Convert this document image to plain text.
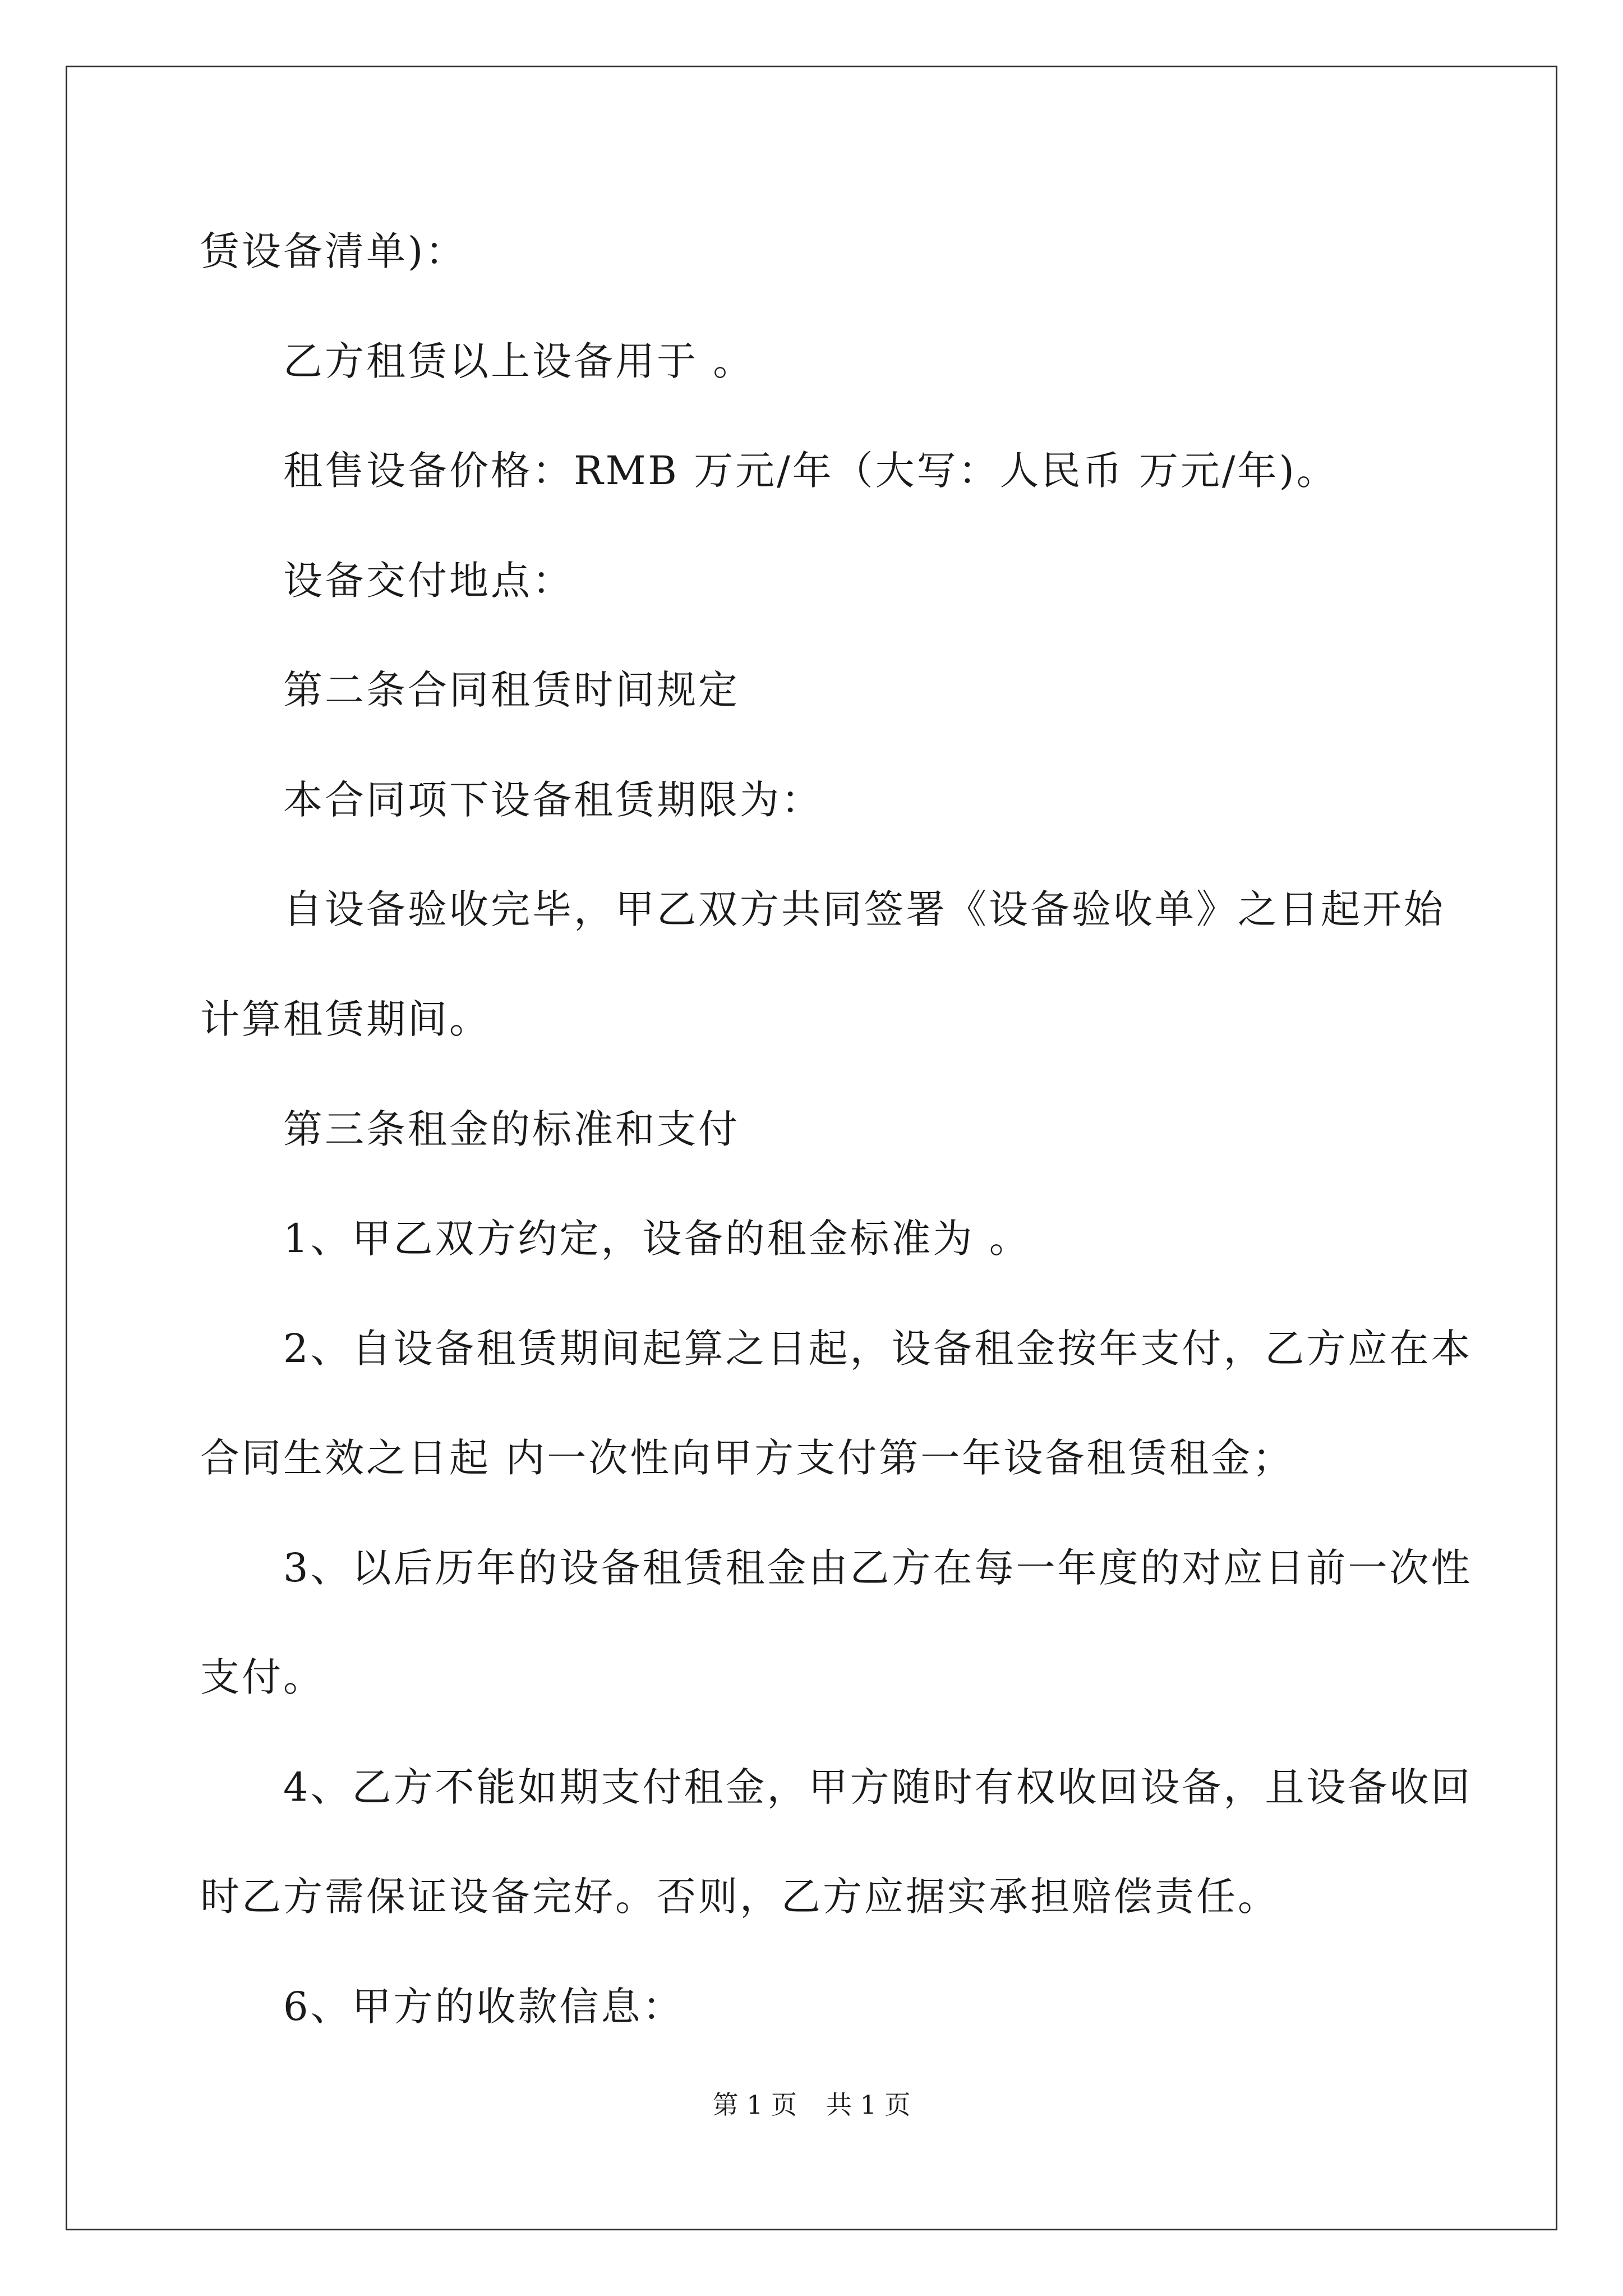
赁设备清单)：
乙方租赁以上设备用于 。
租售设备价格：RMB 万元/年（大写：人民币 万元/年)。
设备交付地点：
第二条合同租赁时间规定
本合同项下设备租赁期限为：
自设备验收完毕，甲乙双方共同签署《设备验收单》之日起开始
计算租赁期间。
第三条租金的标准和支付
1、甲乙双方约定，设备的租金标准为 。
2、自设备租赁期间起算之日起，设备租金按年支付，乙方应在本
合同生效之日起 内一次性向甲方支付第一年设备租赁租金；
3、以后历年的设备租赁租金由乙方在每一年度的对应日前一次性
支付。
4、乙方不能如期支付租金，甲方随时有权收回设备，且设备收回
时乙方需保证设备完好。否则，乙方应据实承担赔偿责任。
6、甲方的收款信息：
第 1 页 共 1 页
